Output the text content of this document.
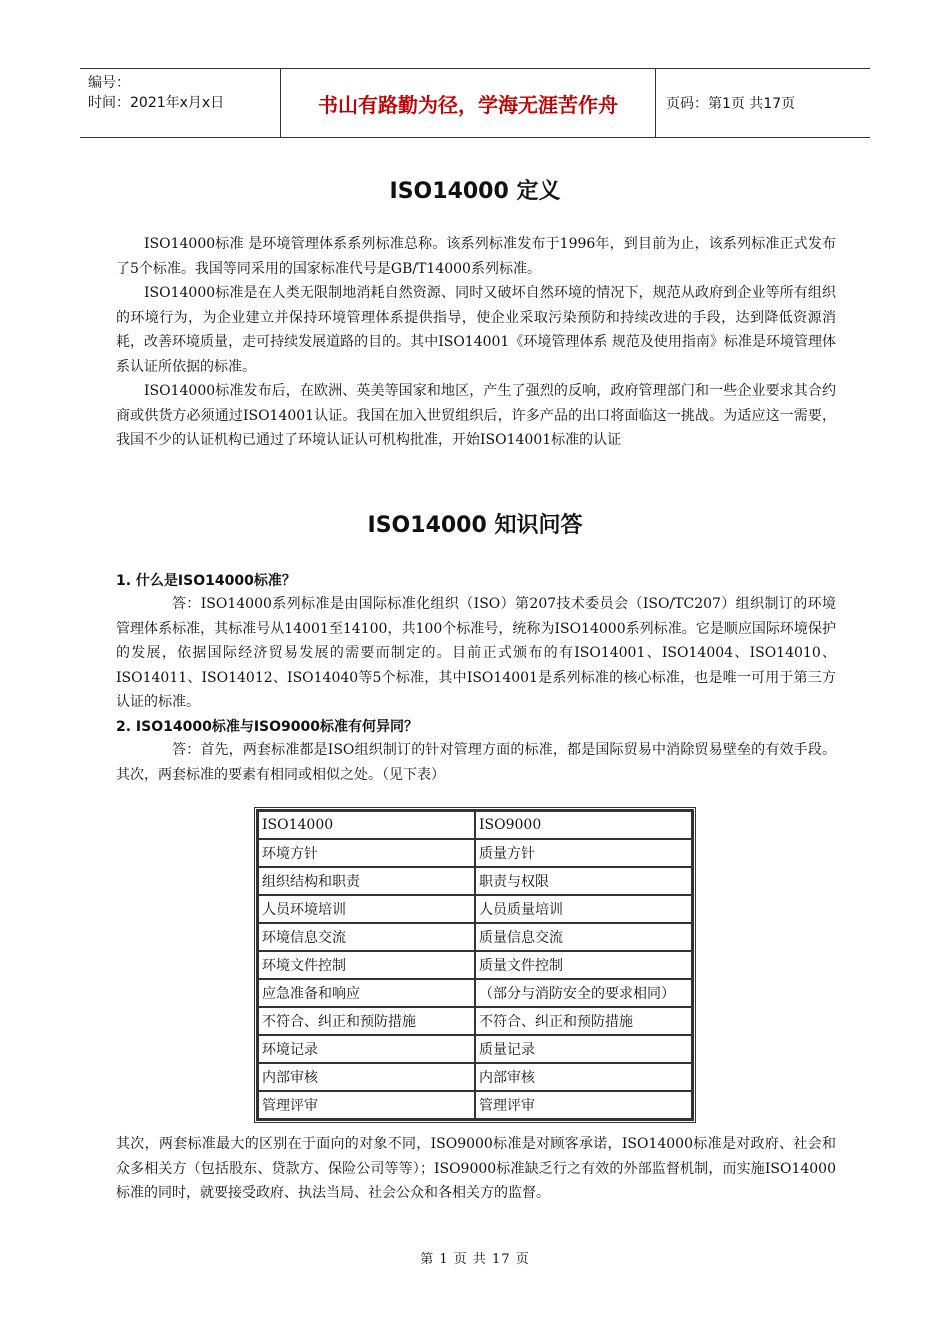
编号：
时间：2021年x月x日	书山有路勤为径，学海无涯苦作舟	页码：第1页 共17页
ISO14000 定义

ISO14000标准 是环境管理体系系列标准总称。该系列标准发布于1996年，到目前为止，该系列标准正式发布了5个标准。我国等同采用的国家标准代号是GB/T14000系列标准。

ISO14000标准是在人类无限制地消耗自然资源、同时又破坏自然环境的情况下，规范从政府到企业等所有组织的环境行为，为企业建立并保持环境管理体系提供指导，使企业采取污染预防和持续改进的手段，达到降低资源消耗，改善环境质量，走可持续发展道路的目的。其中ISO14001《环境管理体系 规范及使用指南》标准是环境管理体系认证所依据的标准。

ISO14000标准发布后，在欧洲、英美等国家和地区，产生了强烈的反响，政府管理部门和一些企业要求其合约商或供货方必须通过ISO14001认证。我国在加入世贸组织后，许多产品的出口将面临这一挑战。为适应这一需要，我国不少的认证机构已通过了环境认证认可机构批准，开始ISO14001标准的认证

ISO14000 知识问答

1. 什么是ISO14000标准？

答：ISO14000系列标准是由国际标准化组织（ISO）第207技术委员会（ISO/TC207）组织制订的环境管理体系标准，其标准号从14001至14100，共100个标准号，统称为ISO14000系列标准。它是顺应国际环境保护的发展，依据国际经济贸易发展的需要而制定的。目前正式颁布的有ISO14001、ISO14004、ISO14010、ISO14011、ISO14012、ISO14040等5个标准，其中ISO14001是系列标准的核心标准，也是唯一可用于第三方认证的标准。

2. ISO14000标准与ISO9000标准有何异同？

答：首先，两套标准都是ISO组织制订的针对管理方面的标准，都是国际贸易中消除贸易壁垒的有效手段。 其次，两套标准的要素有相同或相似之处。（见下表）

ISO14000	ISO9000
环境方针	质量方针
组织结构和职责	职责与权限
人员环境培训	人员质量培训
环境信息交流	质量信息交流
环境文件控制	质量文件控制
应急准备和响应	（部分与消防安全的要求相同）
不符合、纠正和预防措施	不符合、纠正和预防措施
环境记录	质量记录
内部审核	内部审核
管理评审	管理评审

其次，两套标准最大的区别在于面向的对象不同，ISO9000标准是对顾客承诺，ISO14000标准是对政府、社会和众多相关方（包括股东、贷款方、保险公司等等）；ISO9000标准缺乏行之有效的外部监督机制，而实施ISO14000标准的同时，就要接受政府、执法当局、社会公众和各相关方的监督。

第 1 页 共 17 页
